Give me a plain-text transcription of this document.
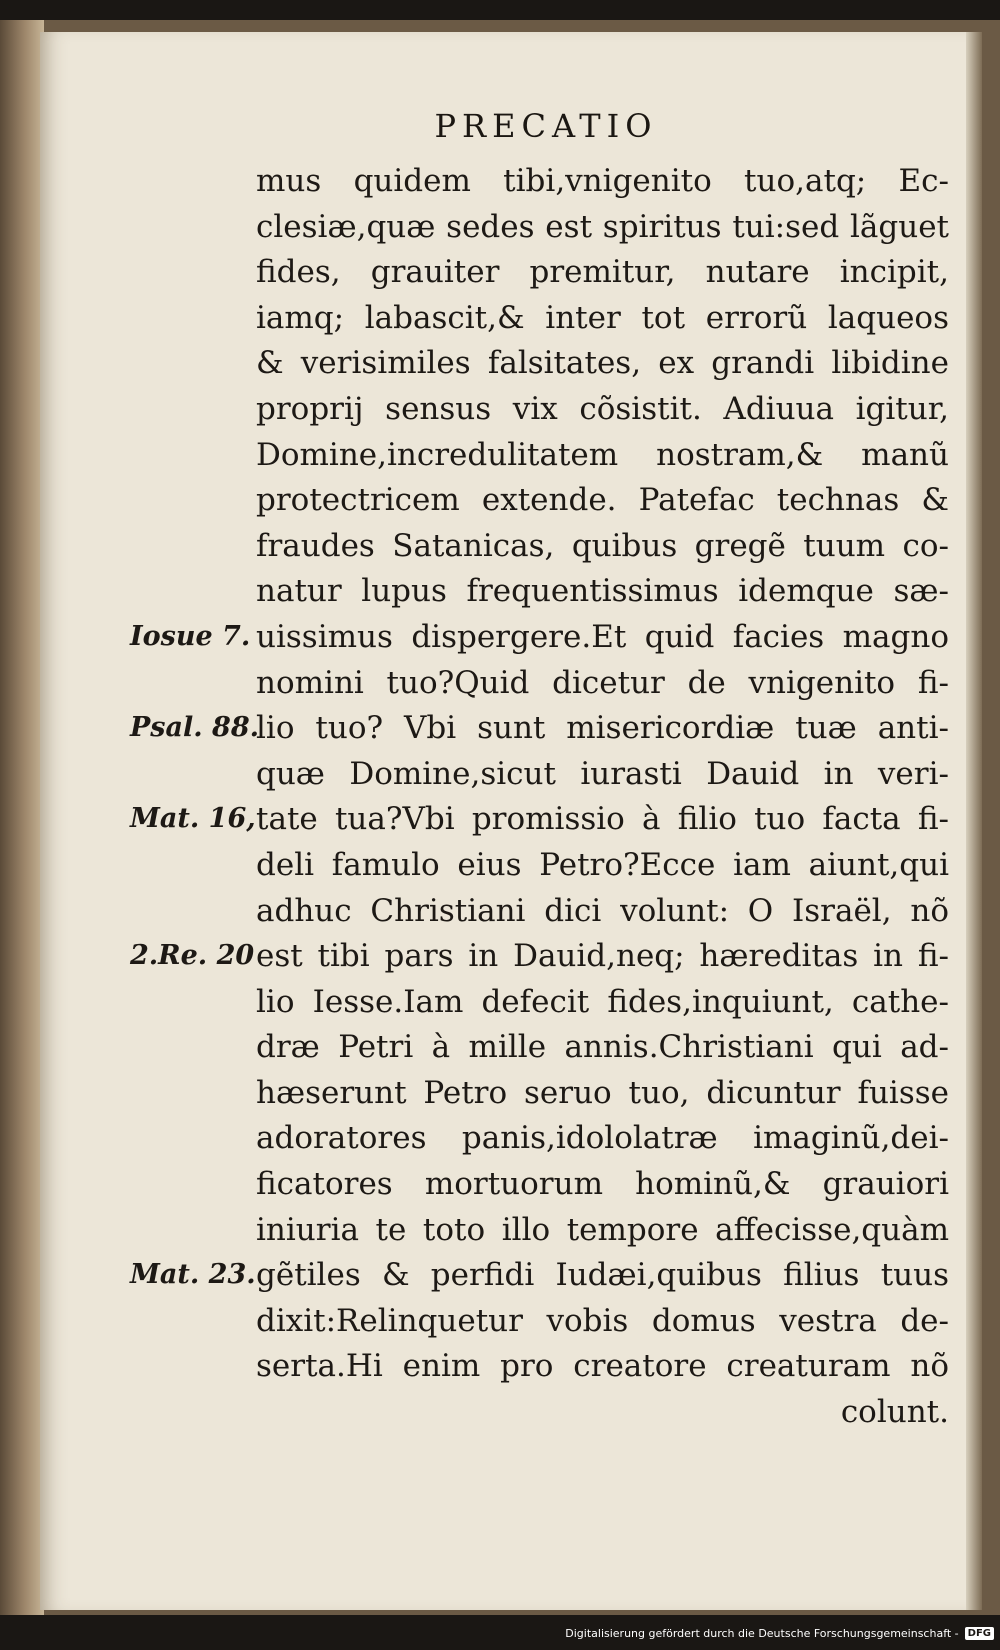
PRECATIO
mus quidem tibi,vnigenito tuo,atq; Ec-
clesiæ,quæ sedes est spiritus tui:sed lãguet
fides, grauiter premitur, nutare incipit,
iamq; labascit,& inter tot errorũ laqueos
& verisimiles falsitates, ex grandi libidine
proprij sensus vix cõsistit. Adiuua igitur,
Domine,incredulitatem nostram,& manũ
protectricem extende. Patefac technas &
fraudes Satanicas, quibus gregẽ tuum co-
natur lupus frequentissimus idemque sæ-
uissimus dispergere.Et quid facies magno
nomini tuo?Quid dicetur de vnigenito fi-
lio tuo? Vbi sunt misericordiæ tuæ anti-
quæ Domine,sicut iurasti Dauid in veri-
tate tua?Vbi promissio à filio tuo facta fi-
deli famulo eius Petro?Ecce iam aiunt,qui
adhuc Christiani dici volunt: O Israël, nõ
est tibi pars in Dauid,neq; hæreditas in fi-
lio Iesse.Iam defecit fides,inquiunt, cathe-
dræ Petri à mille annis.Christiani qui ad-
hæserunt Petro seruo tuo, dicuntur fuisse
adoratores panis,idololatræ imaginũ,dei-
ficatores mortuorum hominũ,& grauiori
iniuria te toto illo tempore affecisse,quàm
gẽtiles & perfidi Iudæi,quibus filius tuus
dixit:Relinquetur vobis domus vestra de-
serta.Hi enim pro creatore creaturam nõ
colunt.
Iosue 7.
Psal. 88.
Mat. 16,
2.Re. 20
Mat. 23.
Digitalisierung gefördert durch die Deutsche Forschungsgemeinschaft - DFG
